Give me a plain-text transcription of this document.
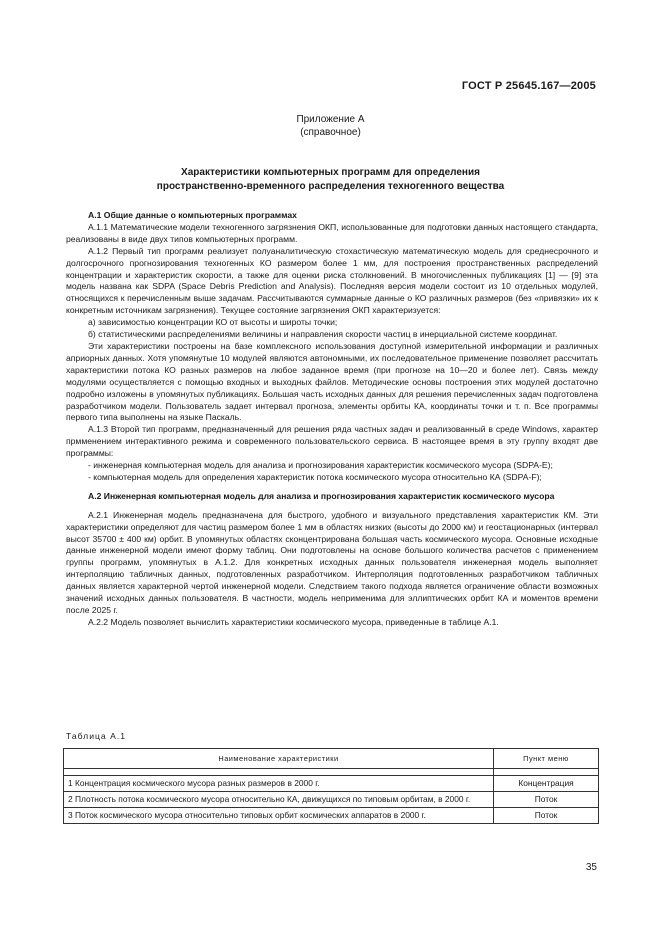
ГОСТ Р 25645.167—2005
Приложение А
(справочное)
Характеристики компьютерных программ для определения
пространственно-временного распределения техногенного вещества
А.1 Общие данные о компьютерных программах

А.1.1 Математические модели техногенного загрязнения ОКП, использованные для подготовки данных настоящего стандарта, реализованы в виде двух типов компьютерных программ.

А.1.2 Первый тип программ реализует полуаналитическую стохастическую математическую модель для среднесрочного и долгосрочного прогнозирования техногенных КО размером более 1 мм, для построения пространственных распределений концентрации и характеристик скорости, а также для оценки риска столкновений. В многочисленных публикациях [1] — [9] эта модель названа как SDPA (Space Debris Prediction and Analysis). Последняя версия модели состоит из 10 отдельных модулей, относящихся к перечисленным выше задачам. Рассчитываются суммарные данные о КО различных размеров (без «привязки» их к конкретным источникам загрязнения). Текущее состояние загрязнения ОКП характеризуется:

а) зависимостью концентрации КО от высоты и широты точки;

б) статистическими распределениями величины и направления скорости частиц в инерциальной системе координат.

Эти характеристики построены на базе комплексного использования доступной измерительной информации и различных априорных данных. Хотя упомянутые 10 модулей являются автономными, их последовательное применение позволяет рассчитать характеристики потока КО разных размеров на любое заданное время (при прогнозе на 10—20 и более лет). Связь между модулями осуществляется с помощью входных и выходных файлов. Методические основы построения этих модулей достаточно подробно изложены в упомянутых публикациях. Большая часть исходных данных для решения перечисленных задач подготовлена разработчиком модели. Пользователь задает интервал прогноза, элементы орбиты КА, координаты точки и т. п. Все программы первого типа выполнены на языке Паскаль.

А.1.3 Второй тип программ, предназначенный для решения ряда частных задач и реализованный в среде Windows, характер прмменением интерактивного режима и современного пользовательского сервиса. В настоящее время в эту группу входят две программы:

- инженерная компьютерная модель для анализа и прогнозирования характеристик космического мусора (SDPA-E);

- компьютерная модель для определения характеристик потока космического мусора относительно КА (SDPA-F);

А.2 Инженерная компьютерная модель для анализа и прогнозирования характеристик космического мусора

А.2.1 Инженерная модель предназначена для быстрого, удобного и визуального представления характеристик КМ. Эти характеристики определяют для частиц размером более 1 мм в областях низких (высоты до 2000 км) и геостационарных (интервал высот 35700 ± 400 км) орбит. В упомянутых областях сконцентрирована большая часть космического мусора. Основные исходные данные инженерной модели имеют форму таблиц. Они подготовлены на основе большого количества расчетов с применением группы программ, упомянутых в А.1.2. Для конкретных исходных данных пользователя инженерная модель выполняет интерполяцию табличных данных, подготовленных разработчиком. Интерполяция подготовленных разработчиком табличных данных является характерной чертой инженерной модели. Следствием такого подхода является ограничение области возможных значений исходных данных пользователя. В частности, модель неприменима для эллиптических орбит КА и моментов времени после 2025 г.

А.2.2 Модель позволяет вычислить характеристики космического мусора, приведенные в таблице А.1.

Таблица А.1
Наименование характеристики	Пункт меню

1 Концентрация космического мусора разных размеров в 2000 г.	Концентрация
2 Плотность потока космического мусора относительно КА, движущихся по типовым орбитам, в 2000 г.	Поток
3 Поток космического мусора относительно типовых орбит космических аппаратов в 2000 г.	Поток
35
